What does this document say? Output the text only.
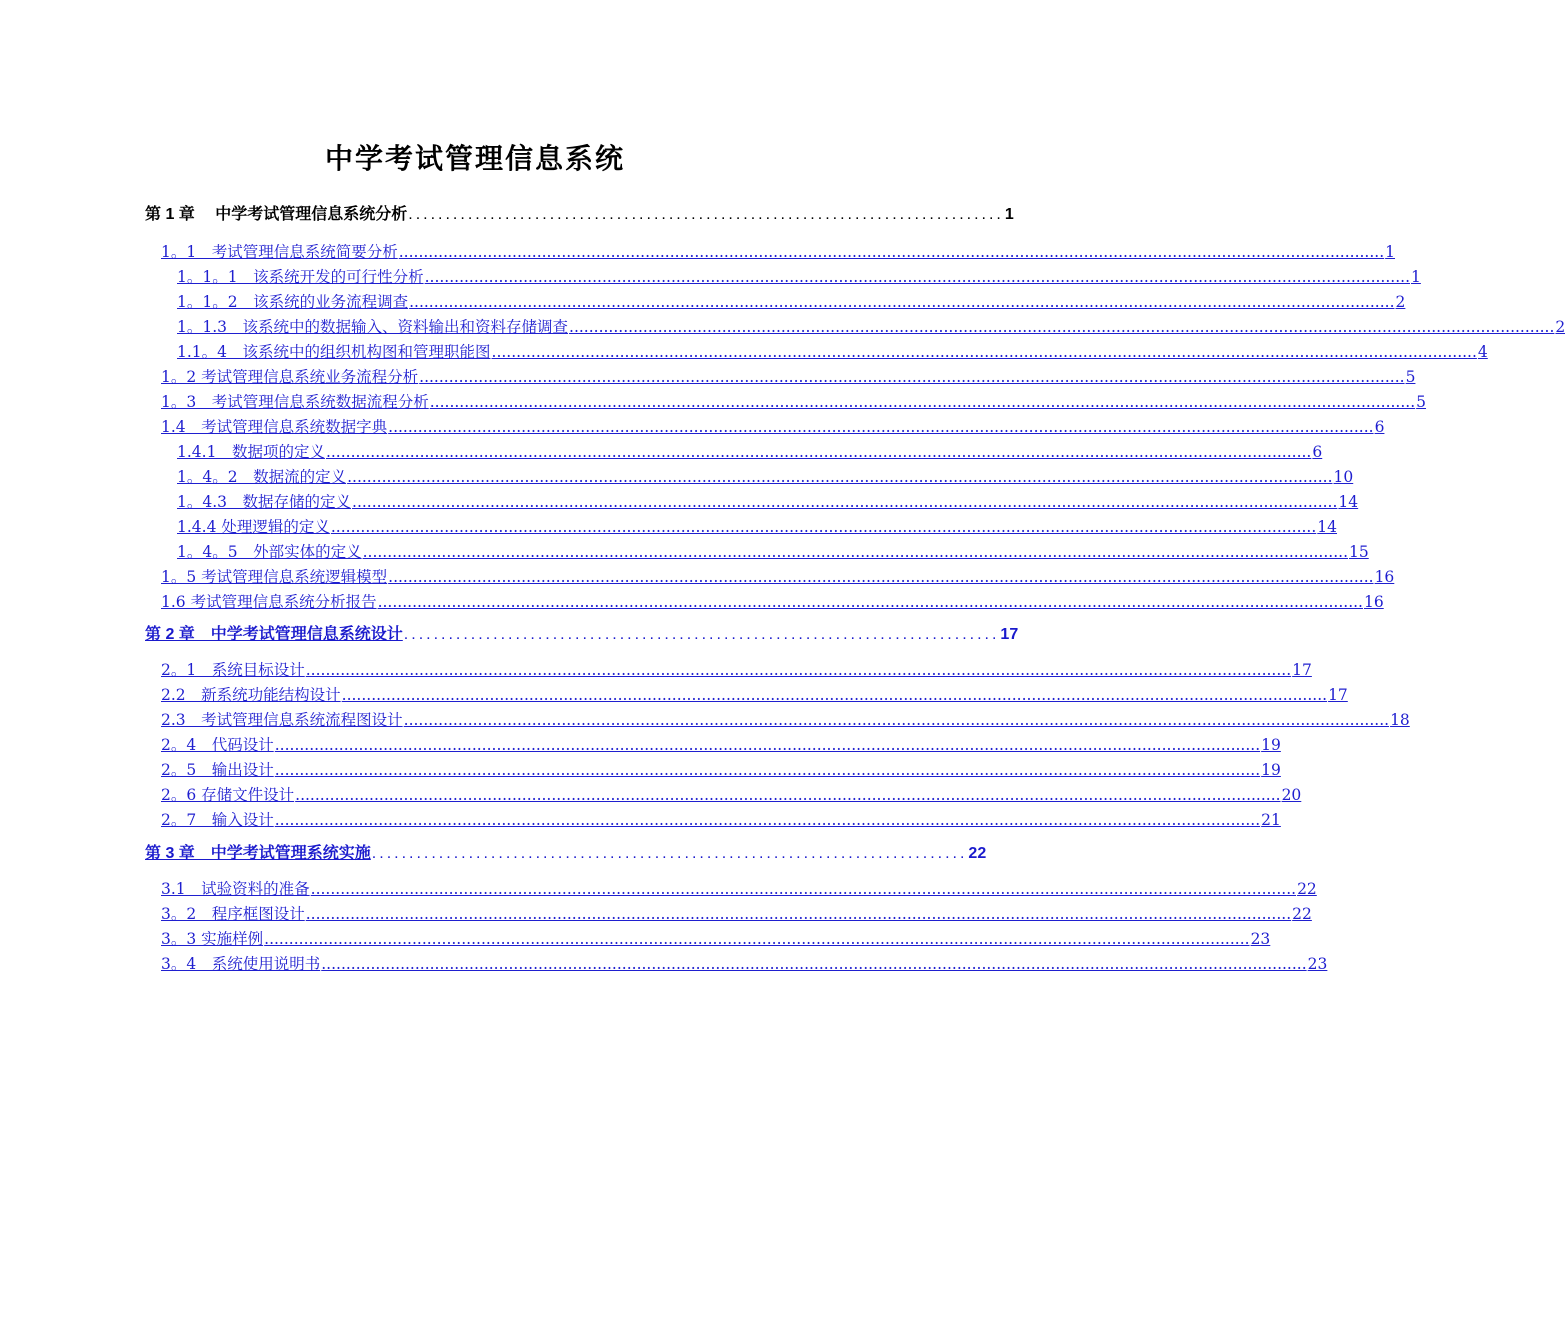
中学考试管理信息系统
第 1 章　 中学考试管理信息系统分析 ................................................................................ 1
1。1　考试管理信息系统简要分析 ........................................................................................................................................................................................................ 1
1。1。1　该系统开发的可行性分析 ........................................................................................................................................................................................................ 1
1。1。2　该系统的业务流程调查 ........................................................................................................................................................................................................ 2
1。1.3　该系统中的数据输入、资料输出和资料存储调查 ........................................................................................................................................................................................................ 2
1.1。4　该系统中的组织机构图和管理职能图 ........................................................................................................................................................................................................ 4
1。2 考试管理信息系统业务流程分析 ........................................................................................................................................................................................................ 5
1。3　考试管理信息系统数据流程分析 ........................................................................................................................................................................................................ 5
1.4　考试管理信息系统数据字典 ........................................................................................................................................................................................................ 6
1.4.1　数据项的定义 ........................................................................................................................................................................................................ 6
1。4。2　数据流的定义 ........................................................................................................................................................................................................ 10
1。4.3　数据存储的定义 ........................................................................................................................................................................................................ 14
1.4.4 处理逻辑的定义 ........................................................................................................................................................................................................ 14
1。4。5　外部实体的定义 ........................................................................................................................................................................................................ 15
1。5 考试管理信息系统逻辑模型 ........................................................................................................................................................................................................ 16
1.6 考试管理信息系统分析报告 ........................................................................................................................................................................................................ 16
第 2 章　中学考试管理信息系统设计 ................................................................................ 17
2。1　系统目标设计 ........................................................................................................................................................................................................ 17
2.2　新系统功能结构设计 ........................................................................................................................................................................................................ 17
2.3　考试管理信息系统流程图设计 ........................................................................................................................................................................................................ 18
2。4　代码设计 ........................................................................................................................................................................................................ 19
2。5　输出设计 ........................................................................................................................................................................................................ 19
2。6 存储文件设计 ........................................................................................................................................................................................................ 20
2。7　输入设计 ........................................................................................................................................................................................................ 21
第 3 章　中学考试管理系统实施 ................................................................................ 22
3.1　试验资料的准备 ........................................................................................................................................................................................................ 22
3。2　程序框图设计 ........................................................................................................................................................................................................ 22
3。3 实施样例 ........................................................................................................................................................................................................ 23
3。4　系统使用说明书 ........................................................................................................................................................................................................ 23
